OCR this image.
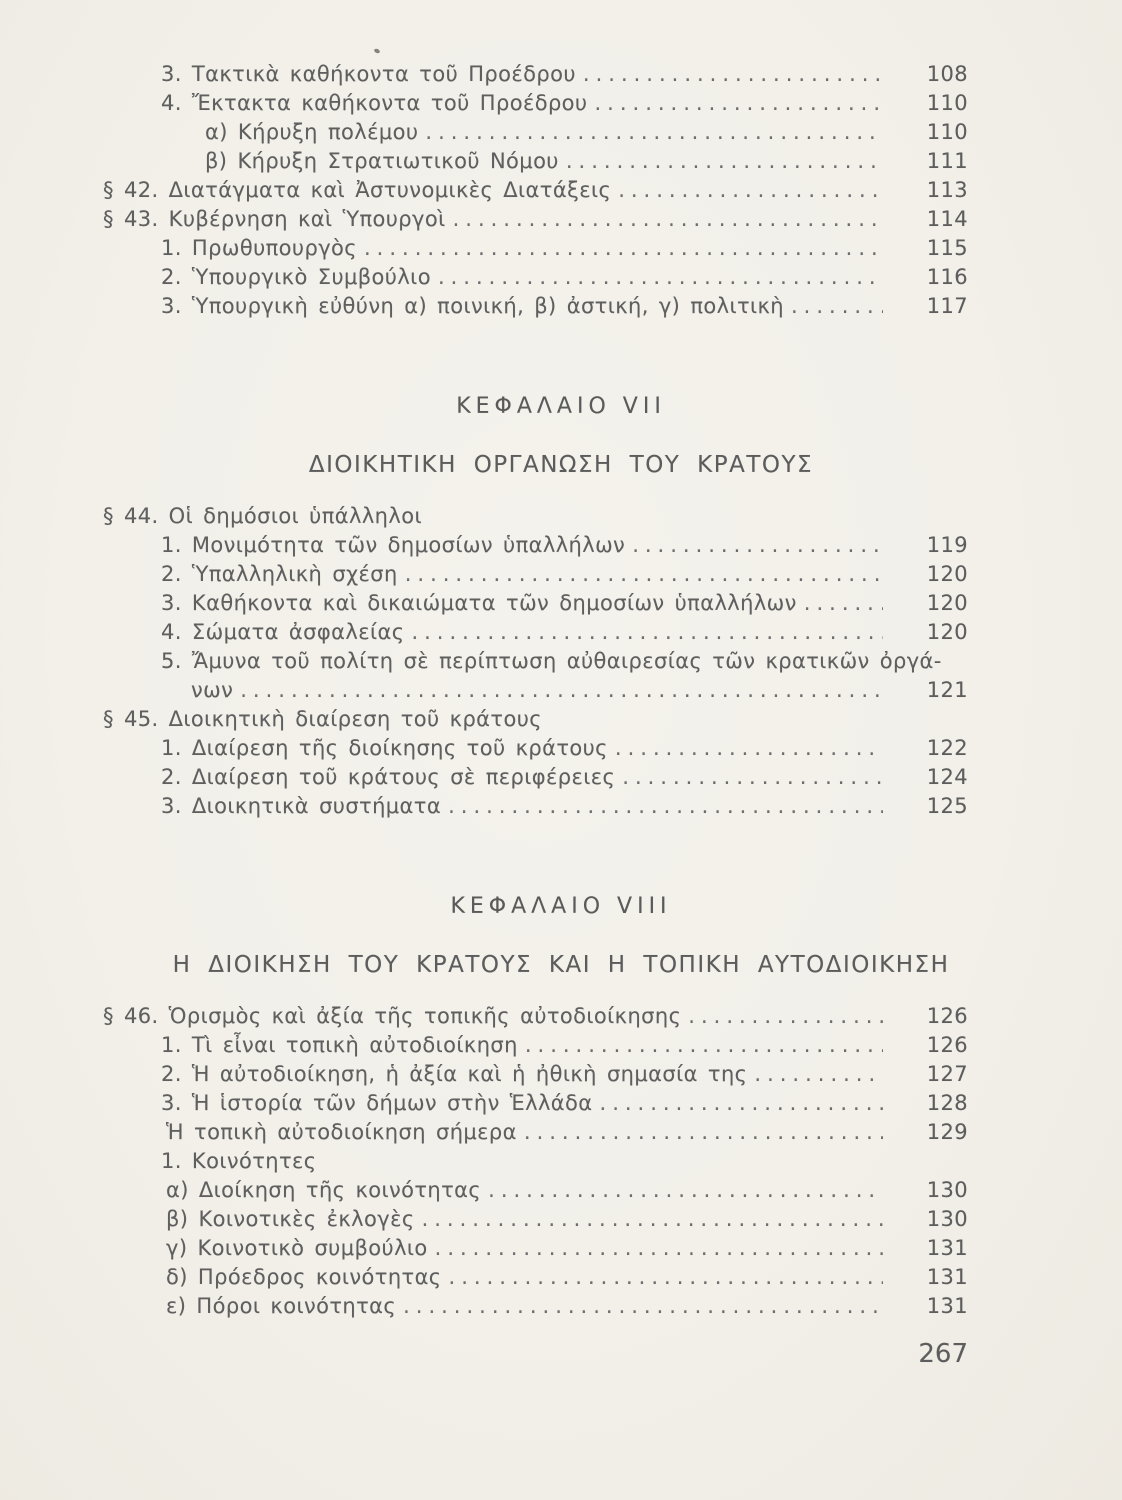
3. Τακτικὰ καθήκοντα τοῦ Προέδρου .....	108
4. Ἔκτακτα καθήκοντα τοῦ Προέδρου .....	110
α) Κήρυξη πολέμου .....	110
β) Κήρυξη Στρατιωτικοῦ Νόμου .....	111
§ 42. Διατάγματα καὶ Ἀστυνομικὲς Διατάξεις .....	113
§ 43. Κυβέρνηση καὶ Ὑπουργοὶ .....	114
1. Πρωθυπουργὸς .....	115
2. Ὑπουργικὸ Συμβούλιο .....	116
3. Ὑπουργικὴ εὐθύνη α) ποινική, β) ἀστική, γ) πολιτικὴ .....	117
ΚΕΦΑΛΑΙΟ VII
ΔΙΟΙΚΗΤΙΚΗ ΟΡΓΑΝΩΣΗ ΤΟΥ ΚΡΑΤΟΥΣ
§ 44. Οἱ δημόσιοι ὑπάλληλοι
1. Μονιμότητα τῶν δημοσίων ὑπαλλήλων .....	119
2. Ὑπαλληλικὴ σχέση .....	120
3. Καθήκοντα καὶ δικαιώματα τῶν δημοσίων ὑπαλλήλων .....	120
4. Σώματα ἀσφαλείας .....	120
5. Ἄμυνα τοῦ πολίτη σὲ περίπτωση αὐθαιρεσίας τῶν κρατικῶν ὀργά-
νων .....	121
§ 45. Διοικητικὴ διαίρεση τοῦ κράτους
1. Διαίρεση τῆς διοίκησης τοῦ κράτους .....	122
2. Διαίρεση τοῦ κράτους σὲ περιφέρειες .....	124
3. Διοικητικὰ συστήματα .....	125
ΚΕΦΑΛΑΙΟ VIII
Η ΔΙΟΙΚΗΣΗ ΤΟΥ ΚΡΑΤΟΥΣ ΚΑΙ Η ΤΟΠΙΚΗ ΑΥΤΟΔΙΟΙΚΗΣΗ
§ 46. Ὁρισμὸς καὶ ἀξία τῆς τοπικῆς αὐτοδιοίκησης .....	126
1. Τὶ εἶναι τοπικὴ αὐτοδιοίκηση .....	126
2. Ἡ αὐτοδιοίκηση, ἡ ἀξία καὶ ἡ ἠθικὴ σημασία της .....	127
3. Ἡ ἱστορία τῶν δήμων στὴν Ἑλλάδα .....	128
Ἡ τοπικὴ αὐτοδιοίκηση σήμερα .....	129
1. Κοινότητες
α) Διοίκηση τῆς κοινότητας .....	130
β) Κοινοτικὲς ἐκλογὲς .....	130
γ) Κοινοτικὸ συμβούλιο .....	131
δ) Πρόεδρος κοινότητας .....	131
ε) Πόροι κοινότητας .....	131
267
